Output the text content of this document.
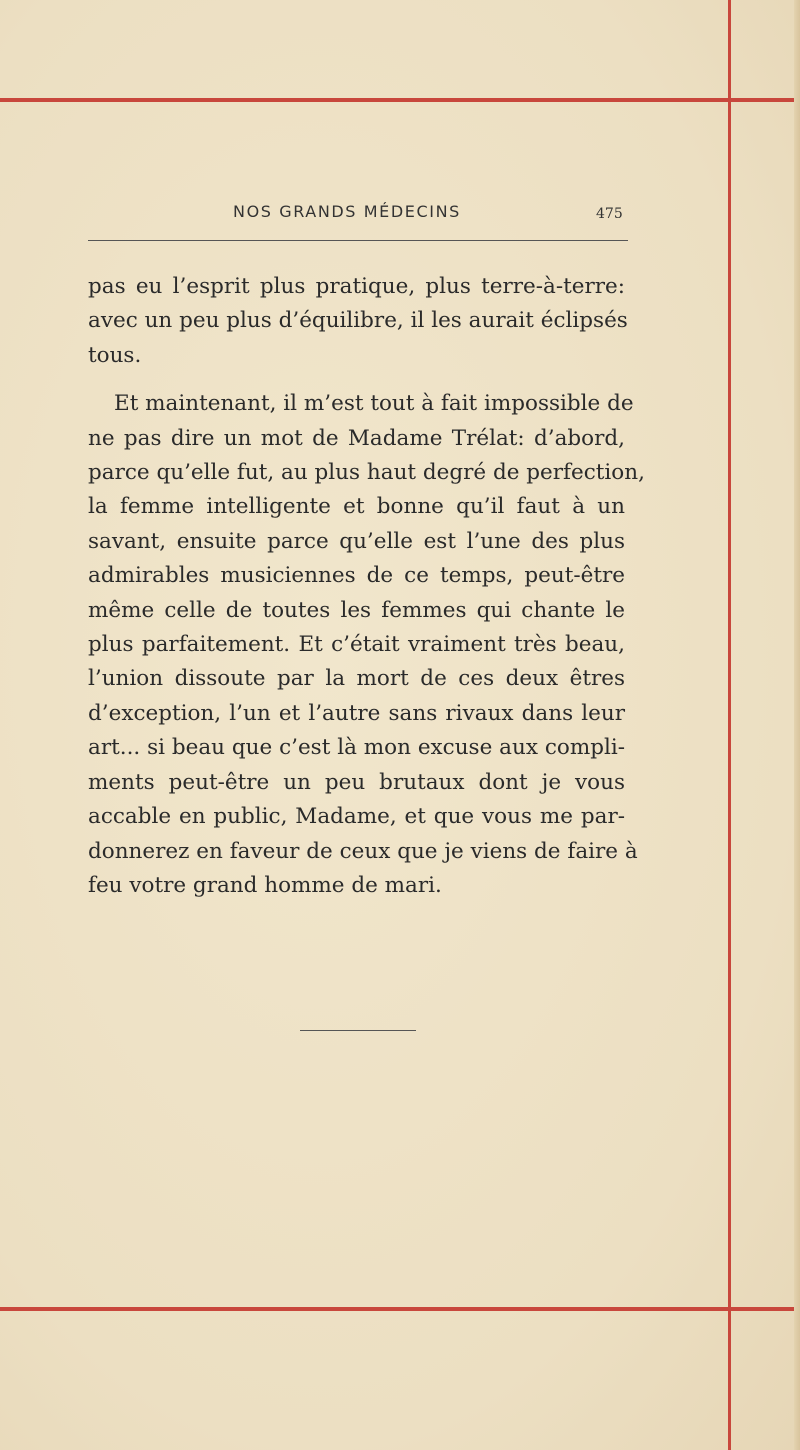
NOS GRANDS MÉDECINS	475
pas eu l’esprit plus pratique, plus terre-à-terre:
avec un peu plus d’équilibre, il les aurait éclipsés
tous.
Et maintenant, il m’est tout à fait impossible de
ne pas dire un mot de Madame Trélat: d’abord,
parce qu’elle fut, au plus haut degré de perfection,
la femme intelligente et bonne qu’il faut à un
savant, ensuite parce qu’elle est l’une des plus
admirables musiciennes de ce temps, peut-être
même celle de toutes les femmes qui chante le
plus parfaitement. Et c’était vraiment très beau,
l’union dissoute par la mort de ces deux êtres
d’exception, l’un et l’autre sans rivaux dans leur
art... si beau que c’est là mon excuse aux compli-
ments peut-être un peu brutaux dont je vous
accable en public, Madame, et que vous me par-
donnerez en faveur de ceux que je viens de faire à
feu votre grand homme de mari.
